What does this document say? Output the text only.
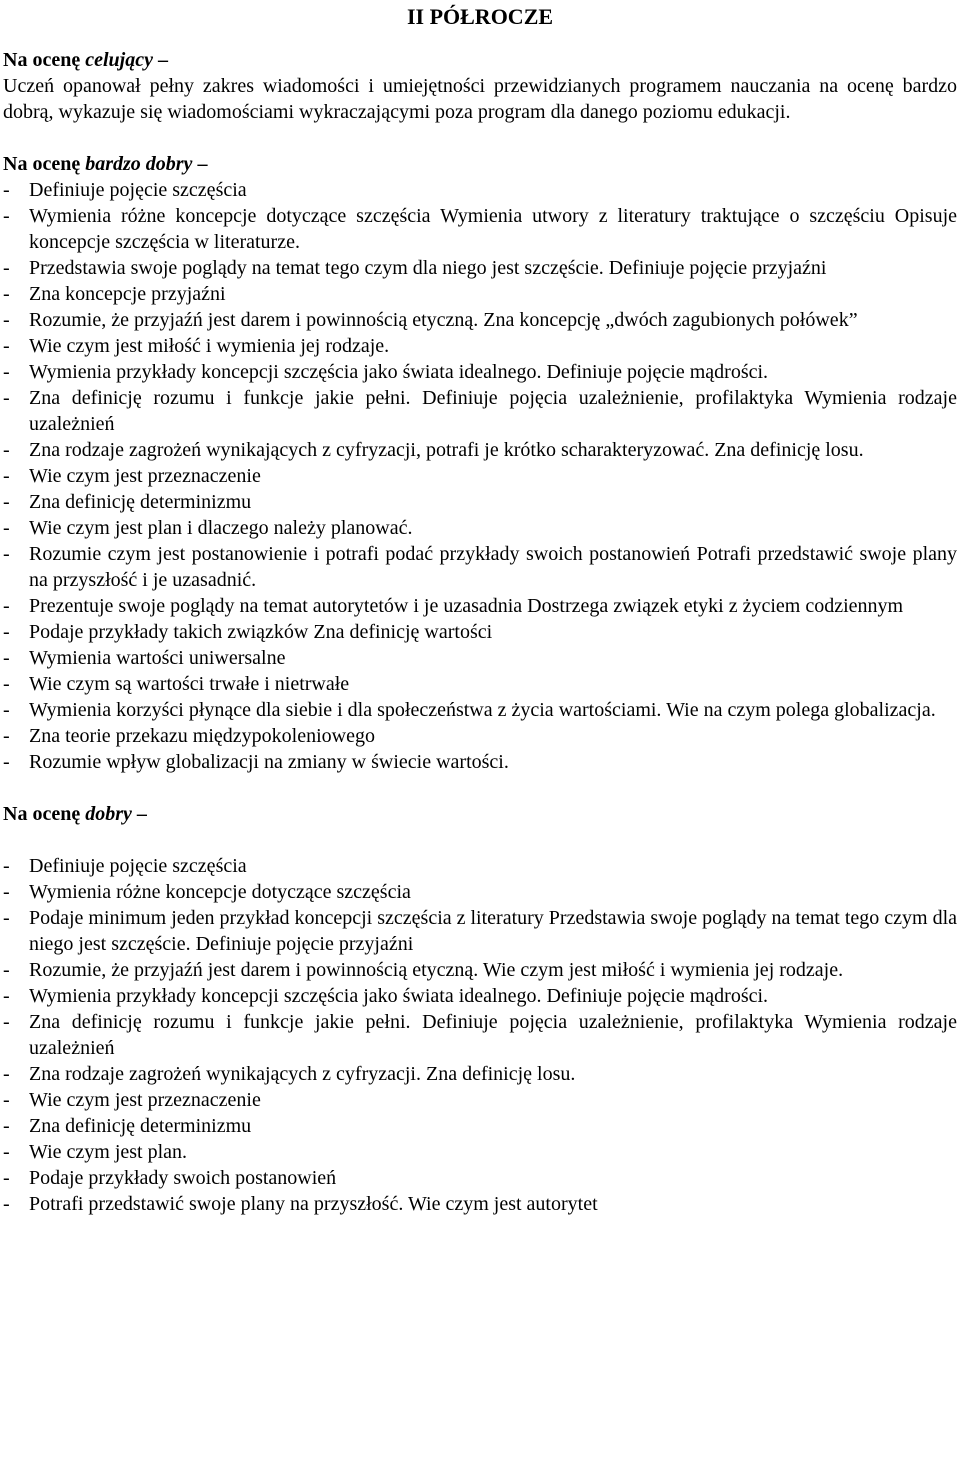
II PÓŁROCZE
Na ocenę celujący –

Uczeń opanował pełny zakres wiadomości i umiejętności przewidzianych programem nauczania na ocenę bardzo dobrą, wykazuje się wiadomościami wykraczającymi poza program dla danego poziomu edukacji.

Na ocenę bardzo dobry –
- Definiuje pojęcie szczęścia
- Wymienia różne koncepcje dotyczące szczęścia Wymienia utwory z literatury traktujące o szczęściu Opisuje koncepcje szczęścia w literaturze.
- Przedstawia swoje poglądy na temat tego czym dla niego jest szczęście. Definiuje pojęcie przyjaźni
- Zna koncepcje przyjaźni
- Rozumie, że przyjaźń jest darem i powinnością etyczną. Zna koncepcję „dwóch zagubionych połówek”
- Wie czym jest miłość i wymienia jej rodzaje.
- Wymienia przykłady koncepcji szczęścia jako świata idealnego. Definiuje pojęcie mądrości.
- Zna definicję rozumu i funkcje jakie pełni. Definiuje pojęcia uzależnienie, profilaktyka Wymienia rodzaje uzależnień
- Zna rodzaje zagrożeń wynikających z cyfryzacji, potrafi je krótko scharakteryzować. Zna definicję losu.
- Wie czym jest przeznaczenie
- Zna definicję determinizmu
- Wie czym jest plan i dlaczego należy planować.
- Rozumie czym jest postanowienie i potrafi podać przykłady swoich postanowień Potrafi przedstawić swoje plany na przyszłość i je uzasadnić.
- Prezentuje swoje poglądy na temat autorytetów i je uzasadnia Dostrzega związek etyki z życiem codziennym
- Podaje przykłady takich związków Zna definicję wartości
- Wymienia wartości uniwersalne
- Wie czym są wartości trwałe i nietrwałe
- Wymienia korzyści płynące dla siebie i dla społeczeństwa z życia wartościami. Wie na czym polega globalizacja.
- Zna teorie przekazu międzypokoleniowego
- Rozumie wpływ globalizacji na zmiany w świecie wartości.
Na ocenę dobry –
- Definiuje pojęcie szczęścia
- Wymienia różne koncepcje dotyczące szczęścia
- Podaje minimum jeden przykład koncepcji szczęścia z literatury Przedstawia swoje poglądy na temat tego czym dla niego jest szczęście. Definiuje pojęcie przyjaźni
- Rozumie, że przyjaźń jest darem i powinnością etyczną. Wie czym jest miłość i wymienia jej rodzaje.
- Wymienia przykłady koncepcji szczęścia jako świata idealnego. Definiuje pojęcie mądrości.
- Zna definicję rozumu i funkcje jakie pełni. Definiuje pojęcia uzależnienie, profilaktyka Wymienia rodzaje uzależnień
- Zna rodzaje zagrożeń wynikających z cyfryzacji. Zna definicję losu.
- Wie czym jest przeznaczenie
- Zna definicję determinizmu
- Wie czym jest plan.
- Podaje przykłady swoich postanowień
- Potrafi przedstawić swoje plany na przyszłość. Wie czym jest autorytet
